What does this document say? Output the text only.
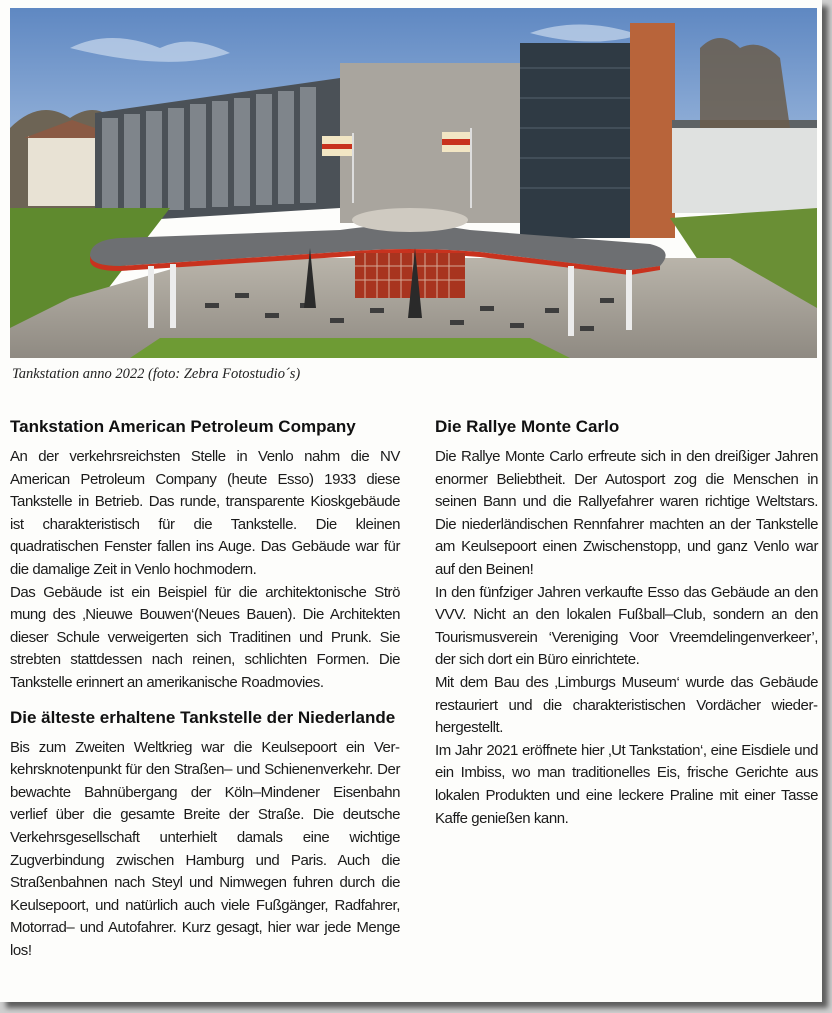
Tankstation anno 2022 (foto: Zebra Fotostudio´s)
Tankstation American Petroleum Company

An der verkehrsreichsten Stelle in Venlo nahm die NV American Petroleum Company (heute Esso) 1933 diese Tankstelle in Betrieb. Das runde, transparente Kioskgebäude ist charakteristisch für die Tankstelle. Die kleinen quadratischen Fenster fallen ins Auge. Das Gebäude war für die damalige Zeit in Venlo hochmodern.

Das Gebäude ist ein Beispiel für die architektonische Strö mung des ‚Nieuwe Bouwen‘(Neues Bauen). Die Architekten dieser Schule verweigerten sich Traditinen und Prunk. Sie strebten stattdessen nach reinen, schlichten Formen. Die Tankstelle erinnert an amerikanische Roadmovies.

Die älteste erhaltene Tankstelle der Niederlande

Bis zum Zweiten Weltkrieg war die Keulsepoort ein Verkehrsknotenpunkt für den Straßen– und Schienenverkehr. Der bewachte Bahnübergang der Köln–Mindener Eisenbahn verlief über die gesamte Breite der Straße. Die deutsche Verkehrsgesellschaft unterhielt damals eine wichtige Zugverbindung zwischen Hamburg und Paris. Auch die Straßenbahnen nach Steyl und Nimwegen fuhren durch die Keulsepoort, und natürlich auch viele Fußgänger, Radfahrer, Motorrad– und Autofahrer. Kurz gesagt, hier war jede Menge los!

Die Rallye Monte Carlo

Die Rallye Monte Carlo erfreute sich in den dreißiger Jahren enormer Beliebtheit. Der Autosport zog die Menschen in seinen Bann und die Rallyefahrer waren richtige Weltstars. Die niederländischen Rennfahrer machten an der Tankstelle am Keulsepoort einen Zwischenstopp, und ganz Venlo war auf den Beinen!

In den fünfziger Jahren verkaufte Esso das Gebäude an den VVV. Nicht an den lokalen Fußball–Club, sondern an den Tourismusverein ‘Vereniging Voor Vreemdelingenverkeer’, der sich dort ein Büro einrichtete.

Mit dem Bau des ‚Limburgs Museum‘ wurde das Gebäude restauriert und die charakteristischen Vordächer wiederhergestellt.

Im Jahr 2021 eröffnete hier ‚Ut Tankstation‘, eine Eisdiele und ein Imbiss, wo man traditionelles Eis, frische Gerichte aus lokalen Produkten und eine leckere Praline mit einer Tasse Kaffe genießen kann.
